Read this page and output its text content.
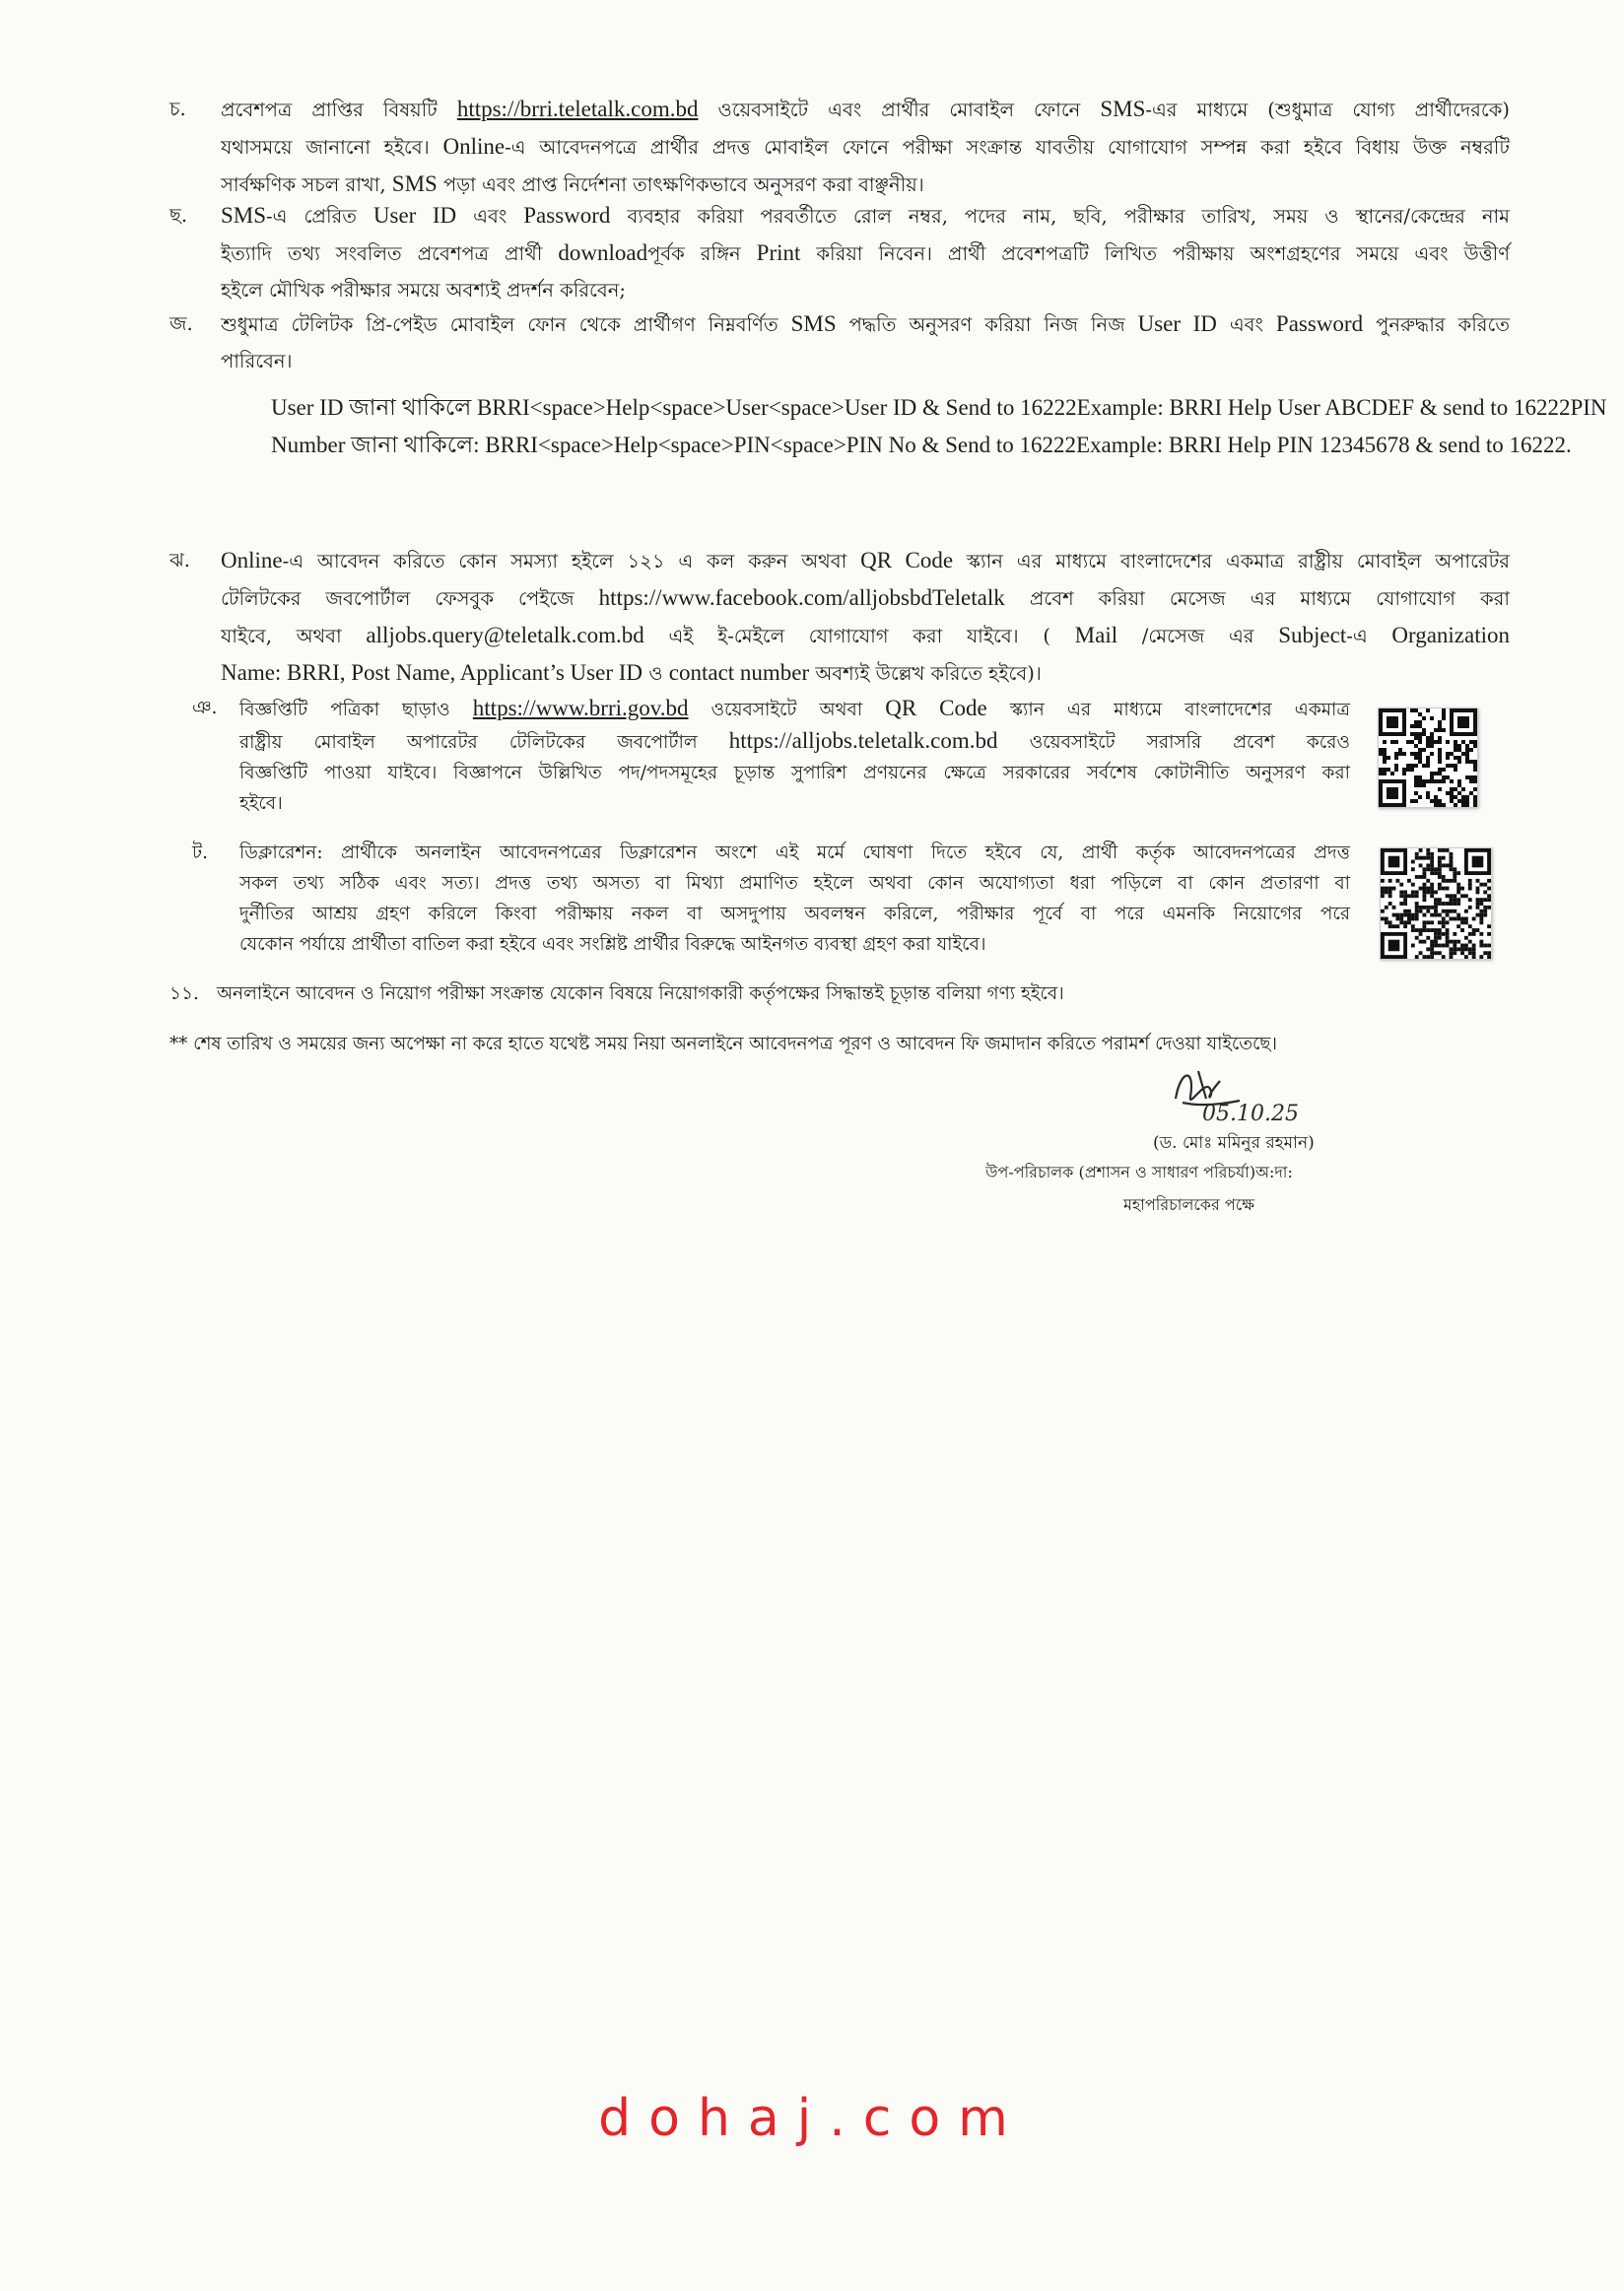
চ.	প্রবেশপত্র প্রাপ্তির বিষয়টি https://brri.teletalk.com.bd ওয়েবসাইটে এবং প্রার্থীর মোবাইল ফোনে SMS-এর মাধ্যমে (শুধুমাত্র যোগ্য প্রার্থীদেরকে)
যথাসময়ে জানানো হইবে। Online-এ আবেদনপত্রে প্রার্থীর প্রদত্ত মোবাইল ফোনে পরীক্ষা সংক্রান্ত যাবতীয় যোগাযোগ সম্পন্ন করা হইবে বিধায় উক্ত নম্বরটি
সার্বক্ষণিক সচল রাখা, SMS পড়া এবং প্রাপ্ত নির্দেশনা তাৎক্ষণিকভাবে অনুসরণ করা বাঞ্ছনীয়।
ছ.	SMS-এ প্রেরিত User ID এবং Password ব্যবহার করিয়া পরবর্তীতে রোল নম্বর, পদের নাম, ছবি, পরীক্ষার তারিখ, সময় ও স্থানের/কেন্দ্রের নাম
ইত্যাদি তথ্য সংবলিত প্রবেশপত্র প্রার্থী downloadপূর্বক রঙ্গিন Print করিয়া নিবেন। প্রার্থী প্রবেশপত্রটি লিখিত পরীক্ষায় অংশগ্রহণের সময়ে এবং উত্তীর্ণ
হইলে মৌখিক পরীক্ষার সময়ে অবশ্যই প্রদর্শন করিবেন;
জ.	শুধুমাত্র টেলিটক প্রি-পেইড মোবাইল ফোন থেকে প্রার্থীগণ নিম্নবর্ণিত SMS পদ্ধতি অনুসরণ করিয়া নিজ নিজ User ID এবং Password পুনরুদ্ধার করিতে
পারিবেন।
User ID জানা থাকিলে BRRI<space>Help<space>User<space>User ID & Send to 16222Example: BRRI Help User ABCDEF & send to 16222PIN Number জানা থাকিলে: BRRI<space>Help<space>PIN<space>PIN No & Send to 16222Example: BRRI Help PIN 12345678 & send to 16222.
ঝ.	Online-এ আবেদন করিতে কোন সমস্যা হইলে ১২১ এ কল করুন অথবা QR Code স্ক্যান এর মাধ্যমে বাংলাদেশের একমাত্র রাষ্ট্রীয় মোবাইল অপারেটর
টেলিটকের জবপোর্টাল ফেসবুক পেইজে https://www.facebook.com/alljobsbdTeletalk প্রবেশ করিয়া মেসেজ এর মাধ্যমে যোগাযোগ করা
যাইবে, অথবা alljobs.query@teletalk.com.bd এই ই-মেইলে যোগাযোগ করা যাইবে। ( Mail /মেসেজ এর Subject-এ Organization
Name: BRRI, Post Name, Applicant’s User ID ও contact number অবশ্যই উল্লেখ করিতে হইবে)।
ঞ.	বিজ্ঞপ্তিটি পত্রিকা ছাড়াও https://www.brri.gov.bd ওয়েবসাইটে অথবা QR Code স্ক্যান এর মাধ্যমে বাংলাদেশের একমাত্র
রাষ্ট্রীয় মোবাইল অপারেটর টেলিটকের জবপোর্টাল https://alljobs.teletalk.com.bd ওয়েবসাইটে সরাসরি প্রবেশ করেও
বিজ্ঞপ্তিটি পাওয়া যাইবে। বিজ্ঞাপনে উল্লিখিত পদ/পদসমূহের চূড়ান্ত সুপারিশ প্রণয়নের ক্ষেত্রে সরকারের সর্বশেষ কোটানীতি অনুসরণ করা
হইবে।
ট.	ডিক্লারেশন: প্রার্থীকে অনলাইন আবেদনপত্রের ডিক্লারেশন অংশে এই মর্মে ঘোষণা দিতে হইবে যে, প্রার্থী কর্তৃক আবেদনপত্রের প্রদত্ত
সকল তথ্য সঠিক এবং সত্য। প্রদত্ত তথ্য অসত্য বা মিথ্যা প্রমাণিত হইলে অথবা কোন অযোগ্যতা ধরা পড়িলে বা কোন প্রতারণা বা
দুর্নীতির আশ্রয় গ্রহণ করিলে কিংবা পরীক্ষায় নকল বা অসদুপায় অবলম্বন করিলে, পরীক্ষার পূর্বে বা পরে এমনকি নিয়োগের পরে
যেকোন পর্যায়ে প্রার্থীতা বাতিল করা হইবে এবং সংশ্লিষ্ট প্রার্থীর বিরুদ্ধে আইনগত ব্যবস্থা গ্রহণ করা যাইবে।
১১. অনলাইনে আবেদন ও নিয়োগ পরীক্ষা সংক্রান্ত যেকোন বিষয়ে নিয়োগকারী কর্তৃপক্ষের সিদ্ধান্তই চূড়ান্ত বলিয়া গণ্য হইবে।
** শেষ তারিখ ও সময়ের জন্য অপেক্ষা না করে হাতে যথেষ্ট সময় নিয়া অনলাইনে আবেদনপত্র পূরণ ও আবেদন ফি জমাদান করিতে পরামর্শ দেওয়া যাইতেছে।
05.10.25
(ড. মোঃ মমিনুর রহমান)
উপ-পরিচালক (প্রশাসন ও সাধারণ পরিচর্যা)অ:দা:
মহাপরিচালকের পক্ষে
dohaj.com
